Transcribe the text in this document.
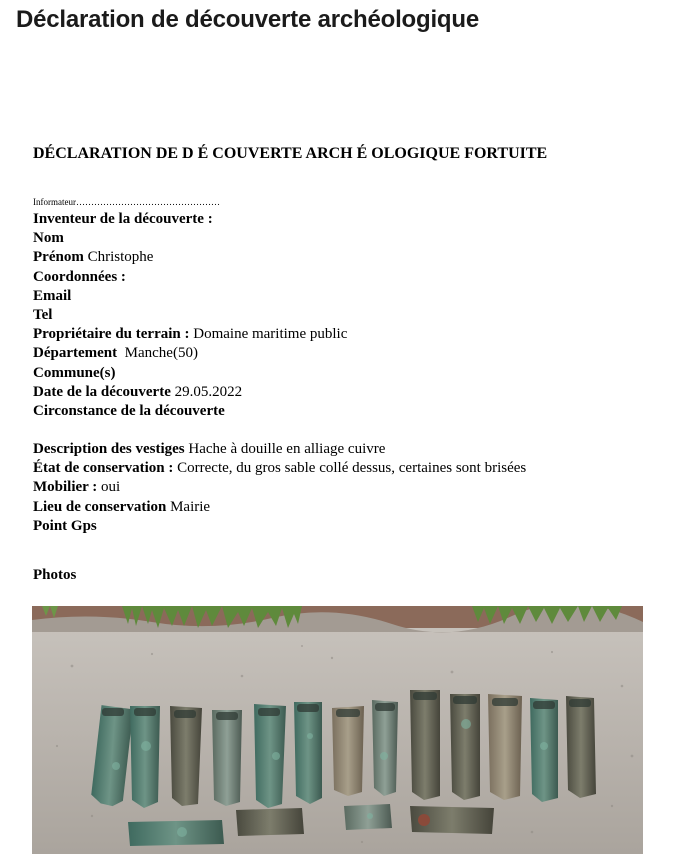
Déclaration de découverte archéologique
DÉCLARATION DE D É COUVERTE ARCH É OLOGIQUE FORTUITE
Informateur…………………………………………
Inventeur de la découverte :
Nom
Prénom Christophe
Coordonnées :
Email
Tel
Propriétaire du terrain : Domaine maritime public
Département  Manche(50)
Commune(s)
Date de la découverte 29.05.2022
Circonstance de la découverte
Description des vestiges Hache à douille en alliage cuivre
État de conservation : Correcte, du gros sable collé dessus, certaines sont brisées
Mobilier : oui
Lieu de conservation Mairie
Point Gps
Photos
